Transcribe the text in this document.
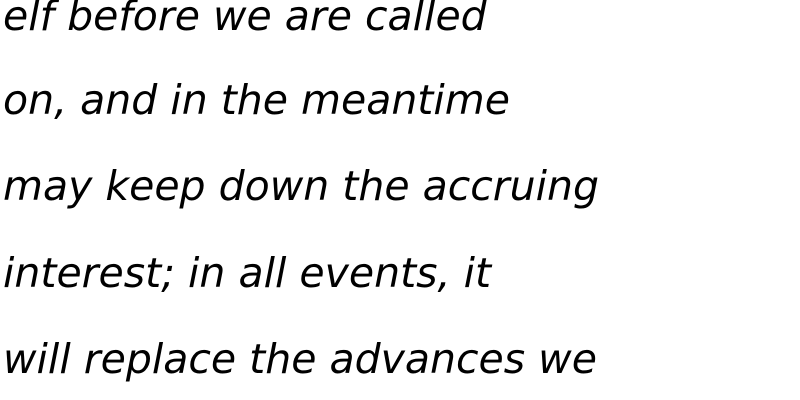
elf before we are called

on, and in the meantime

may keep down the accruing

interest; in all events, it

will replace the advances we
